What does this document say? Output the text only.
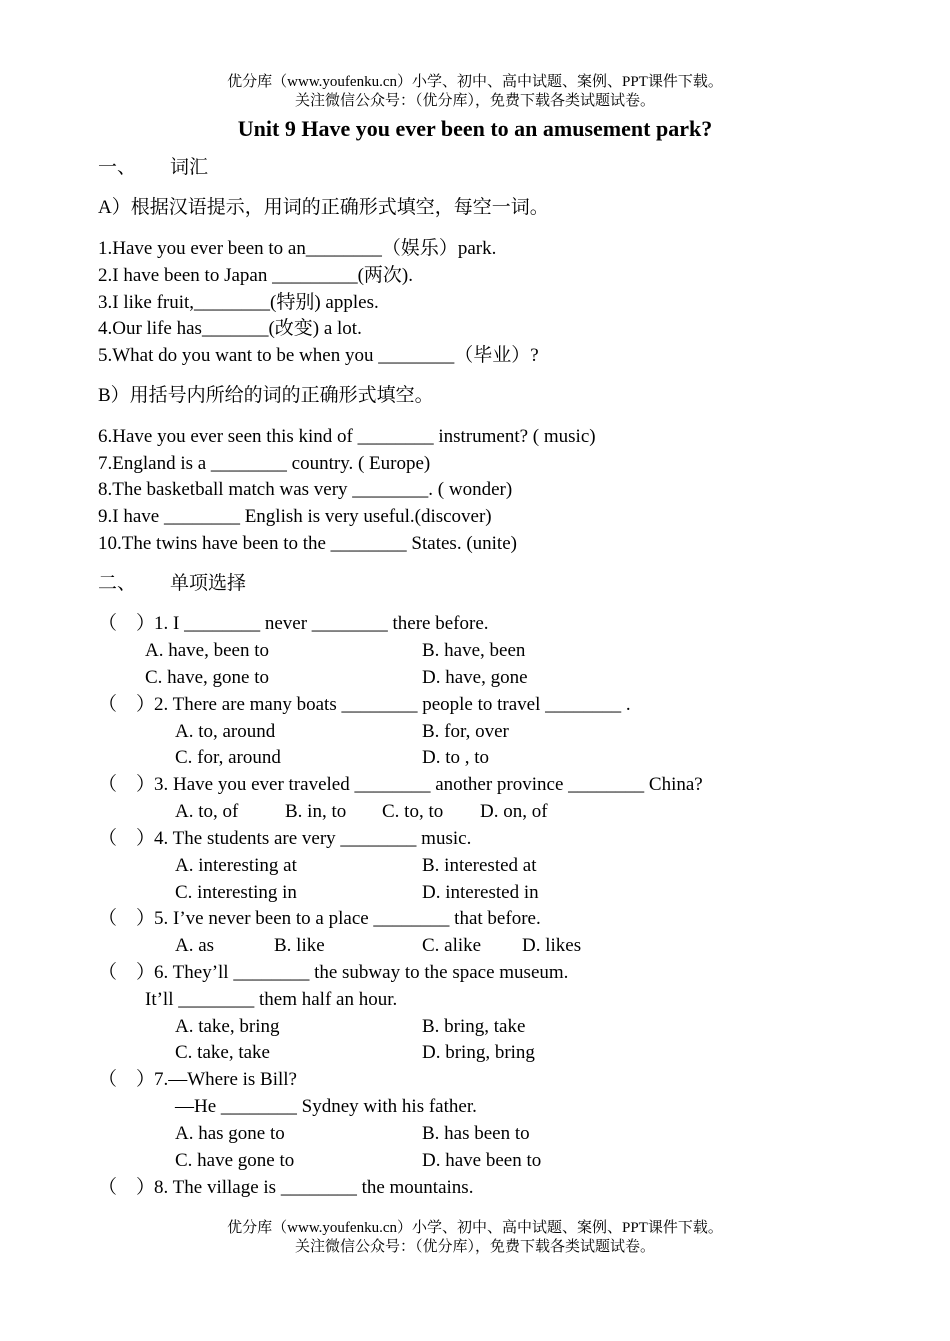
优分库（www.youfenku.cn）小学、初中、高中试题、案例、PPT课件下载。
关注微信公众号：（优分库），免费下载各类试题试卷。
Unit 9 Have you ever been to an amusement park?
一、 词汇
A）根据汉语提示，用词的正确形式填空，每空一词。
1.Have you ever been to an________（娱乐）park.
2.I have been to Japan _________(两次).
3.I like fruit,________(特别) apples.
4.Our life has_______(改变) a lot.
5.What do you want to be when you ________（毕业）?
B）用括号内所给的词的正确形式填空。
6.Have you ever seen this kind of ________ instrument? ( music)
7.England is a ________ country. ( Europe)
8.The basketball match was very ________. ( wonder)
9.I have ________ English is very useful.(discover)
10.The twins have been to the ________ States. (unite)
二、 单项选择
（    ）
1. I ________ never ________ there before.
A. have, been to	B. have, been
C. have, gone to	D. have, gone
（    ）
2. There are many boats ________ people to travel ________ .
A. to, around	B. for, over
C. for, around	D. to , to
（    ）
3. Have you ever traveled ________ another province ________ China?
A. to, of B. in, to C. to, to D. on, of
（    ）
4. The students are very ________ music.
A. interesting at	B. interested at
C. interesting in	D. interested in
（    ）
5. I’ve never been to a place ________ that before.
A. as	B. like	C. alike D. likes
（    ）
6. They’ll ________ the subway to the space museum.
It’ll ________ them half an hour.
A. take, bring	B. bring, take
C. take, take	D. bring, bring
（    ）
7.—Where is Bill?
—He ________ Sydney with his father.
A. has gone to	B. has been to
C. have gone to	D. have been to
（    ）
8. The village is ________ the mountains.
优分库（www.youfenku.cn）小学、初中、高中试题、案例、PPT课件下载。
关注微信公众号：（优分库），免费下载各类试题试卷。
